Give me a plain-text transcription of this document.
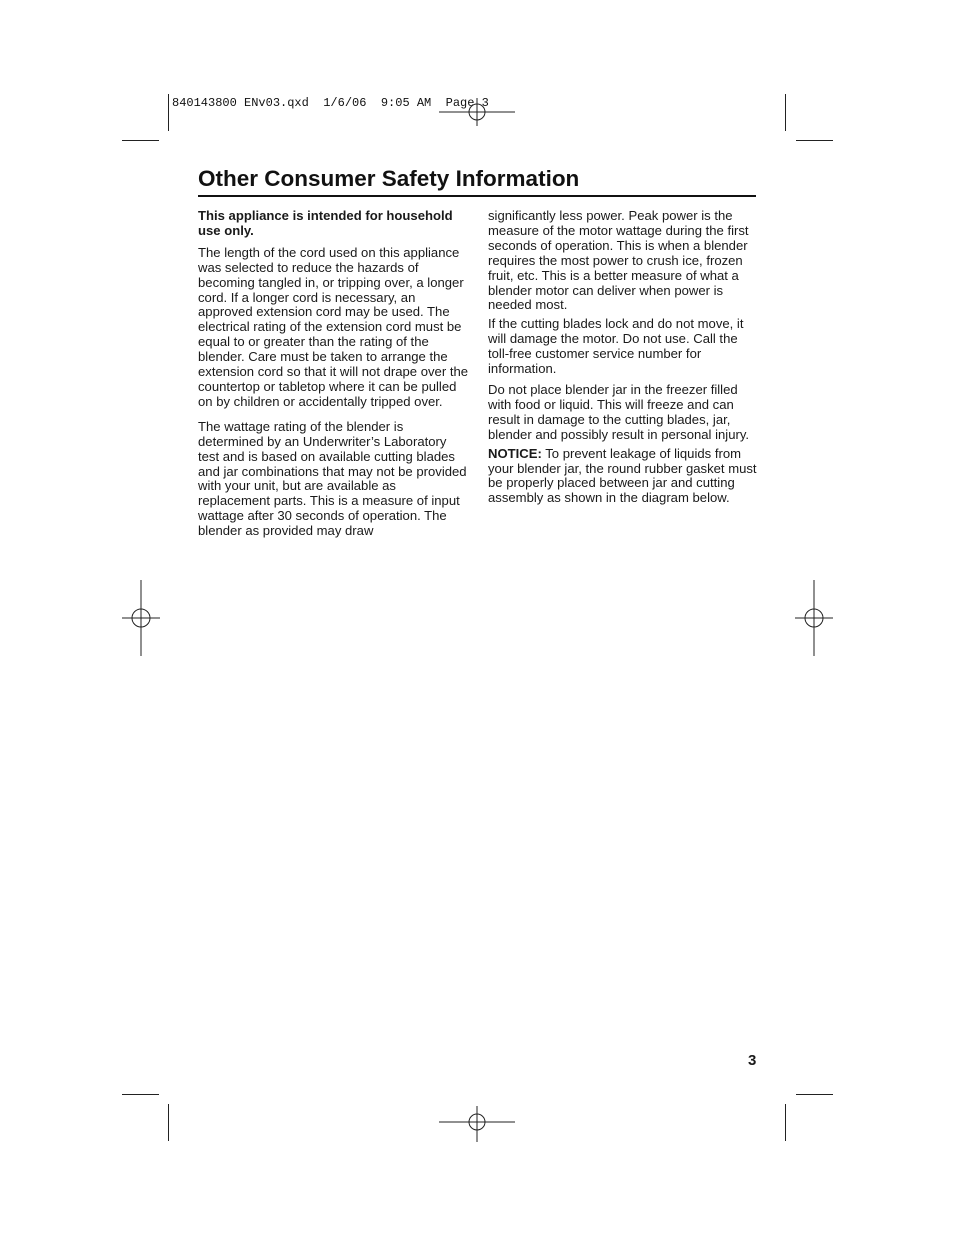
840143800 ENv03.qxd  1/6/06  9:05 AM  Page 3
Other Consumer Safety Information

This appliance is intended for household use only.

The length of the cord used on this appliance was selected to reduce the hazards of becoming tangled in, or tripping over, a longer cord. If a longer cord is necessary, an approved extension cord may be used. The electrical rating of the extension cord must be equal to or greater than the rating of the blender. Care must be taken to arrange the extension cord so that it will not drape over the countertop or tabletop where it can be pulled on by children or accidentally tripped over.

The wattage rating of the blender is determined by an Underwriter’s Laboratory test and is based on available cutting blades and jar combinations that may not be provided with your unit, but are available as replacement parts. This is a measure of input wattage after 30 seconds of operation. The blender as provided may draw

significantly less power. Peak power is the measure of the motor wattage during the first seconds of operation. This is when a blender requires the most power to crush ice, frozen fruit, etc. This is a better measure of what a blender motor can deliver when power is needed most.

If the cutting blades lock and do not move, it will damage the motor. Do not use. Call the toll-free customer service number for information.

Do not place blender jar in the freezer filled with food or liquid. This will freeze and can result in damage to the cutting blades, jar, blender and possibly result in personal injury.

NOTICE: To prevent leakage of liquids from your blender jar, the round rubber gasket must be properly placed between jar and cutting assembly as shown in the diagram below.

3
